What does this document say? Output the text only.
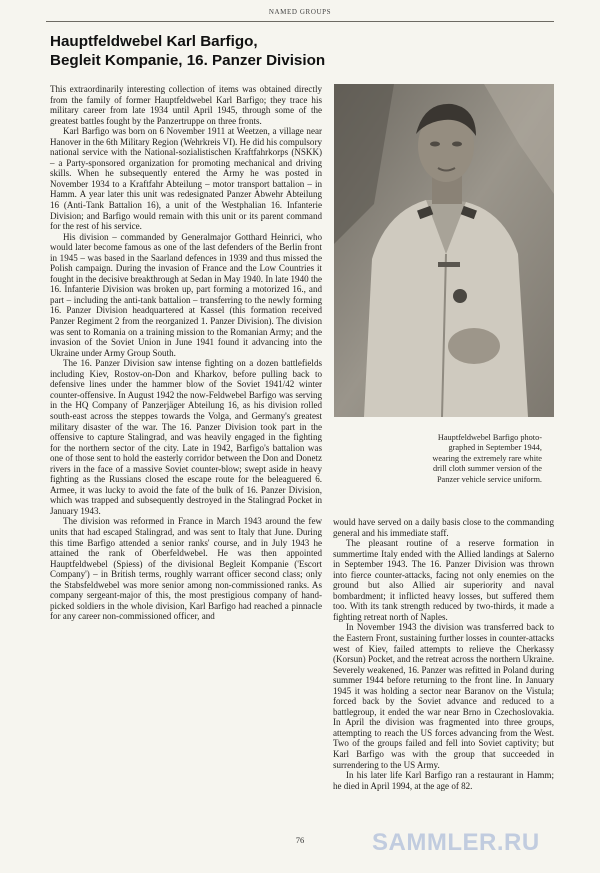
NAMED GROUPS
Hauptfeldwebel Karl Barfigo,
Begleit Kompanie, 16. Panzer Division

This extraordinarily interesting collection of items was obtained directly from the family of former Hauptfeldwebel Karl Barfigo; they trace his military career from late 1934 until April 1945, through some of the greatest battles fought by the Panzertruppe on three fronts.

Karl Barfigo was born on 6 November 1911 at Weetzen, a village near Hanover in the 6th Military Region (Wehrkreis VI). He did his compulsory national service with the National-sozialistischen Kraftfahrkorps (NSKK) – a Party-sponsored organization for promoting mechanical and driving skills. When he subsequently entered the Army he was posted in November 1934 to a Kraftfahr Abteilung – motor transport battalion – in Hamm. A year later this unit was redesignated Panzer Abwehr Abteilung 16 (Anti-Tank Battalion 16), a unit of the Westphalian 16. Infanterie Division; and Barfigo would remain with this unit or its parent command for the rest of his service.

His division – commanded by Generalmajor Gotthard Heinrici, who would later become famous as one of the last defenders of the Berlin front in 1945 – was based in the Saarland defences in 1939 and thus missed the Polish campaign. During the invasion of France and the Low Countries it fought in the decisive breakthrough at Sedan in May 1940. In late 1940 the 16. Infanterie Division was broken up, part forming a motorized 16., and part – including the anti-tank battalion – transferring to the newly forming 16. Panzer Division headquartered at Kassel (this formation received Panzer Regiment 2 from the reorganized 1. Panzer Division). The division was sent to Romania on a training mission to the Romanian Army; and the invasion of the Soviet Union in June 1941 found it advancing into the Ukraine under Army Group South.

The 16. Panzer Division saw intense fighting on a dozen battlefields including Kiev, Rostov-on-Don and Kharkov, before pulling back to defensive lines under the hammer blow of the Soviet 1941/42 winter counter-offensive. In August 1942 the now-Feldwebel Barfigo was serving in the HQ Company of Panzerjäger Abteilung 16, as his division rolled south-east across the steppes towards the Volga, and Germany's greatest military disaster of the war. The 16. Panzer Division took part in the offensive to capture Stalingrad, and was heavily engaged in the fighting for the northern sector of the city. Late in 1942, Barfigo's battalion was one of those sent to hold the easterly corridor between the Don and Donetz rivers in the face of a massive Soviet counter-blow; swept aside in heavy fighting as the Russians closed the escape route for the beleaguered 6. Armee, it was lucky to avoid the fate of the bulk of 16. Panzer Division, which was trapped and subsequently destroyed in the Stalingrad Pocket in January 1943.

The division was reformed in France in March 1943 around the few units that had escaped Stalingrad, and was sent to Italy that June. During this time Barfigo attended a senior ranks' course, and in July 1943 he attained the rank of Oberfeldwebel. He was then appointed Hauptfeldwebel (Spiess) of the divisional Begleit Kompanie ('Escort Company') – in British terms, roughly warrant officer second class; only the Stabsfeldwebel was more senior among non-commissioned ranks. As company sergeant-major of this, the most prestigious company of hand-picked soldiers in the whole division, Karl Barfigo had reached a pinnacle for any career non-commissioned officer, and

Hauptfeldwebel Barfigo photo-
graphed in September 1944,
wearing the extremely rare white
drill cloth summer version of the
Panzer vehicle service uniform.

would have served on a daily basis close to the commanding general and his immediate staff.

The pleasant routine of a reserve formation in summertime Italy ended with the Allied landings at Salerno in September 1943. The 16. Panzer Division was thrown into fierce counter-attacks, facing not only enemies on the ground but also Allied air superiority and naval bombardment; it inflicted heavy losses, but suffered them too. With its tank strength reduced by two-thirds, it made a fighting retreat north of Naples.

In November 1943 the division was transferred back to the Eastern Front, sustaining further losses in counter-attacks west of Kiev, failed attempts to relieve the Cherkassy (Korsun) Pocket, and the retreat across the northern Ukraine. Severely weakened, 16. Panzer was refitted in Poland during summer 1944 before returning to the front line. In January 1945 it was holding a sector near Baranov on the Vistula; forced back by the Soviet advance and reduced to a battlegroup, it ended the war near Brno in Czechoslovakia. In April the division was fragmented into three groups, attempting to reach the US forces advancing from the West. Two of the groups failed and fell into Soviet captivity; but Karl Barfigo was with the group that succeeded in surrendering to the US Army.

In his later life Karl Barfigo ran a restaurant in Hamm; he died in April 1994, at the age of 82.

76	SAMMLER.RU
